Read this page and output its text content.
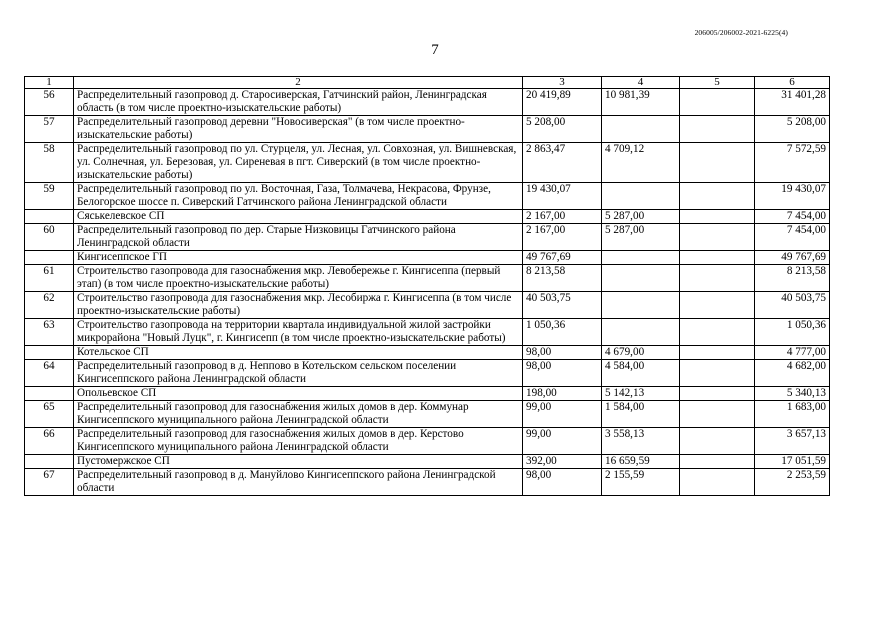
206005/206002-2021-6225(4)
7
1	2	3	4	5	6
56	Распределительный газопровод д. Старосиверская, Гатчинский район, Ленинградская область (в том числе проектно-изыскательские работы)	20 419,89	10 981,39		31 401,28
57	Распределительный газопровод деревни "Новосиверская" (в том числе проектно-изыскательские работы)	5 208,00			5 208,00
58	Распределительный газопровод по ул. Стурцеля, ул. Лесная, ул. Совхозная, ул. Вишневская, ул. Солнечная, ул. Березовая, ул. Сиреневая в пгт. Сиверский (в том числе проектно-изыскательские работы)	2 863,47	4 709,12		7 572,59
59	Распределительный газопровод по ул. Восточная, Газа, Толмачева, Некрасова, Фрунзе, Белогорское шоссе п. Сиверский Гатчинского района Ленинградской области	19 430,07			19 430,07
	Сяськелевское СП	2 167,00	5 287,00		7 454,00
60	Распределительный газопровод по дер. Старые Низковицы Гатчинского района Ленинградской области	2 167,00	5 287,00		7 454,00
	Кингисеппское ГП	49 767,69			49 767,69
61	Строительство газопровода для газоснабжения мкр. Левобережье г. Кингисеппа (первый этап) (в том числе проектно-изыскательские работы)	8 213,58			8 213,58
62	Строительство газопровода для газоснабжения мкр. Лесобиржа г. Кингисеппа (в том числе проектно-изыскательские работы)	40 503,75			40 503,75
63	Строительство газопровода на территории квартала индивидуальной жилой застройки микрорайона "Новый Луцк", г. Кингисепп (в том числе проектно-изыскательские работы)	1 050,36			1 050,36
	Котельское СП	98,00	4 679,00		4 777,00
64	Распределительный газопровод в д. Неппово в Котельском сельском поселении Кингисеппского района Ленинградской области	98,00	4 584,00		4 682,00
	Опольевское СП	198,00	5 142,13		5 340,13
65	Распределительный газопровод для газоснабжения жилых домов в дер. Коммунар Кингисеппского муниципального района Ленинградской области	99,00	1 584,00		1 683,00
66	Распределительный газопровод для газоснабжения жилых домов в дер. Керстово Кингисеппского муниципального района Ленинградской области	99,00	3 558,13		3 657,13
	Пустомержское СП	392,00	16 659,59		17 051,59
67	Распределительный газопровод в д. Мануйлово Кингисеппского района Ленинградской области	98,00	2 155,59		2 253,59
